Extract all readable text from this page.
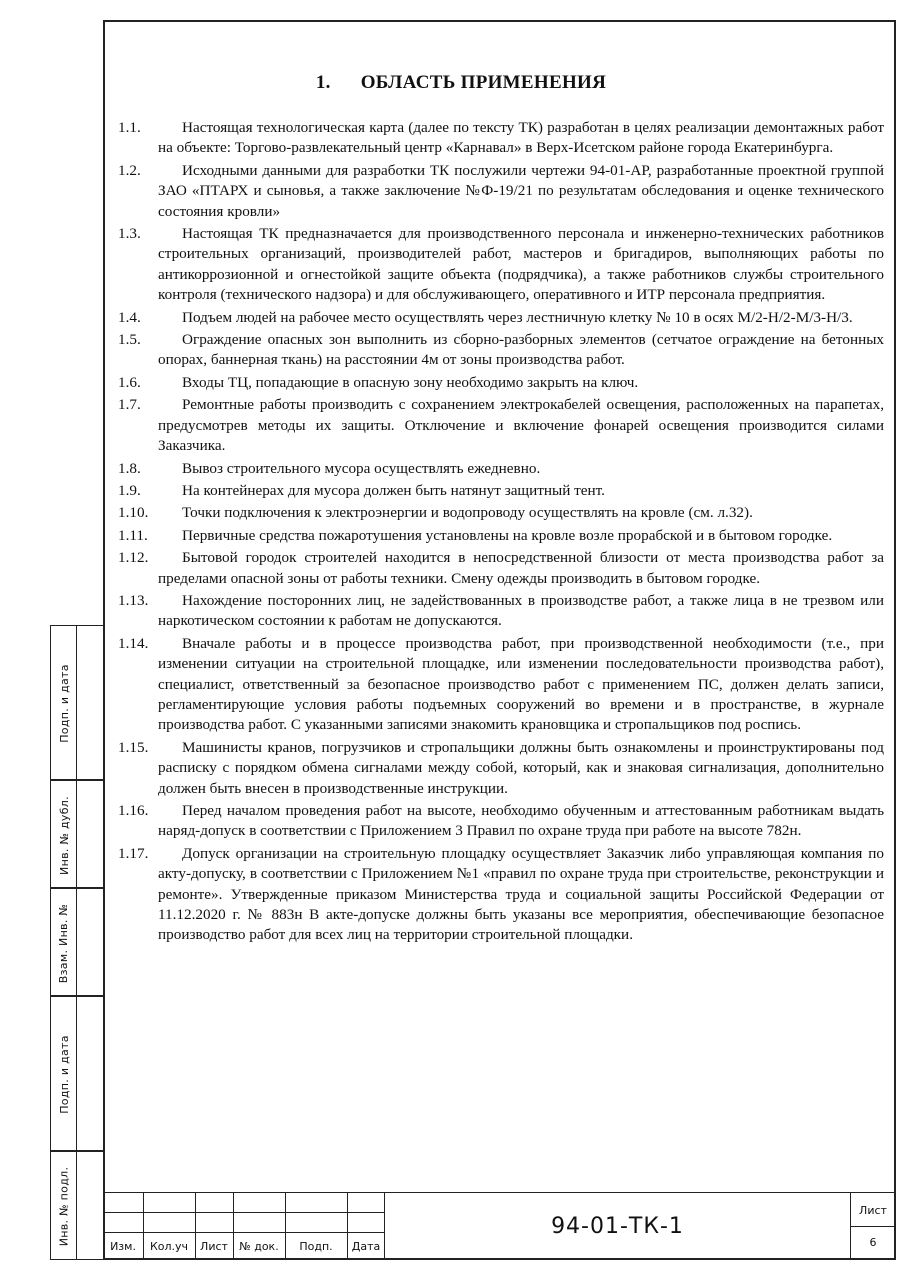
Подп. и дата
Инв. № дубл.
Взам. Инв. №
Подп. и дата
Инв. № подл.
1. ОБЛАСТЬ ПРИМЕНЕНИЯ
1.1.	Настоящая технологическая карта (далее по тексту ТК) разработан в целях реализации демонтажных работ на объекте: Торгово-развлекательный центр «Карнавал» в Верх-Исетском районе города Екатеринбурга.
1.2.	Исходными данными для разработки ТК послужили чертежи 94-01-АР, разработанные проектной группой ЗАО «ПТАРХ и сыновья, а также заключение №Ф-19/21 по результатам обследования и оценке технического состояния кровли»
1.3.	Настоящая ТК предназначается для производственного персонала и инженерно-технических работников строительных организаций, производителей работ, мастеров и бригадиров, выполняющих работы по антикоррозионной и огнестойкой защите объекта (подрядчика), а также работников службы строительного контроля (технического надзора) и для обслуживающего, оперативного и ИТР персонала предприятия.
1.4.	Подъем людей на рабочее место осуществлять через лестничную клетку № 10 в осях М/2-Н/2-М/3-Н/3.
1.5.	Ограждение опасных зон выполнить из сборно-разборных элементов (сетчатое ограждение на бетонных опорах, баннерная ткань) на расстоянии 4м от зоны производства работ.
1.6.	Входы ТЦ, попадающие в опасную зону необходимо закрыть на ключ.
1.7.	Ремонтные работы производить с сохранением электрокабелей освещения, расположенных на парапетах, предусмотрев методы их защиты. Отключение и включение фонарей освещения производится силами Заказчика.
1.8.	Вывоз строительного мусора осуществлять ежедневно.
1.9.	На контейнерах для мусора должен быть натянут защитный тент.
1.10.	Точки подключения к электроэнергии и водопроводу осуществлять на кровле (см. л.32).
1.11.	Первичные средства пожаротушения установлены на кровле возле прорабской и в бытовом городке.
1.12.	Бытовой городок строителей находится в непосредственной близости от места производства работ за пределами опасной зоны от работы техники. Смену одежды производить в бытовом городке.
1.13.	Нахождение посторонних лиц, не задействованных в производстве работ, а также лица в не трезвом или наркотическом состоянии к работам не допускаются.
1.14.	Вначале работы и в процессе производства работ, при производственной необходимости (т.е., при изменении ситуации на строительной площадке, или изменении последовательности производства работ), специалист, ответственный за безопасное производство работ с применением ПС, должен делать записи, регламентирующие условия работы подъемных сооружений во времени и в пространстве, в журнале производства работ. С указанными записями знакомить крановщика и стропальщиков под роспись.
1.15.	Машинисты кранов, погрузчиков и стропальщики должны быть ознакомлены и проинструктированы под расписку с порядком обмена сигналами между собой, который, как и знаковая сигнализация, дополнительно должен быть внесен в производственные инструкции.
1.16.	Перед началом проведения работ на высоте, необходимо обученным и аттестованным работникам выдать наряд-допуск в соответствии с Приложением 3 Правил по охране труда при работе на высоте 782н.
1.17.	Допуск организации на строительную площадку осуществляет Заказчик либо управляющая компания по акту-допуску, в соответствии с Приложением №1 «правил по охране труда при строительстве, реконструкции и ремонте». Утвержденные приказом Министерства труда и социальной защиты Российской Федерации от 11.12.2020 г. № 883н В акте-допуске должны быть указаны все мероприятия, обеспечивающие безопасное производство работ для всех лиц на территории строительной площадки.
Изм.	Кол.уч	Лист	№ док.	Подп.	Дата
94-01-ТК-1
Лист
6
